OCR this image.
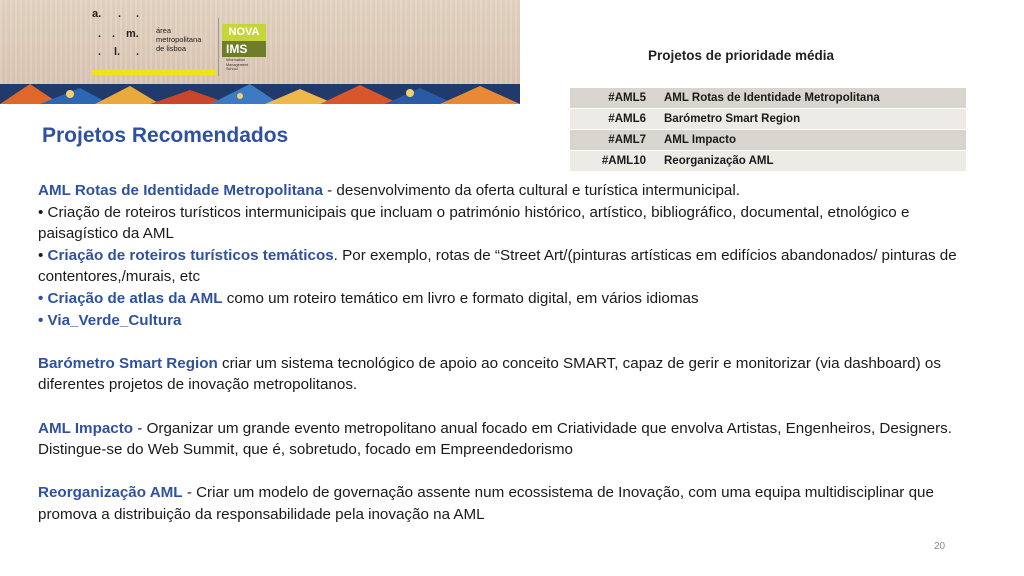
a. . .
. . m.
. l. .
área
metropolitana
de lisboa
NOVA
IMS
Information
Management
School
Projetos Recomendados
Projetos de prioridade média
#AML5	AML Rotas de Identidade Metropolitana
#AML6	Barómetro Smart Region
#AML7	AML Impacto
#AML10	Reorganização AML

AML Rotas de Identidade Metropolitana - desenvolvimento da oferta cultural e turística intermunicipal.

• Criação de roteiros turísticos intermunicipais que incluam o património histórico, artístico, bibliográfico, documental, etnológico e paisagístico da AML

• Criação de roteiros turísticos temáticos. Por exemplo, rotas de “Street Art/(pinturas artísticas em edifícios abandonados/ pinturas de contentores,/murais, etc

• Criação de atlas da AML como um roteiro temático em livro e formato digital, em vários idiomas

• Via_Verde_Cultura

Barómetro Smart Region criar um sistema tecnológico de apoio ao conceito SMART, capaz de gerir e monitorizar (via dashboard) os diferentes projetos de inovação metropolitanos.

AML Impacto - Organizar um grande evento metropolitano anual focado em Criatividade que envolva Artistas, Engenheiros, Designers. Distingue-se do Web Summit, que é, sobretudo, focado em Empreendedorismo

Reorganização AML - Criar um modelo de governação assente num ecossistema de Inovação, com uma equipa multidisciplinar que promova a distribuição da responsabilidade pela inovação na AML

20
